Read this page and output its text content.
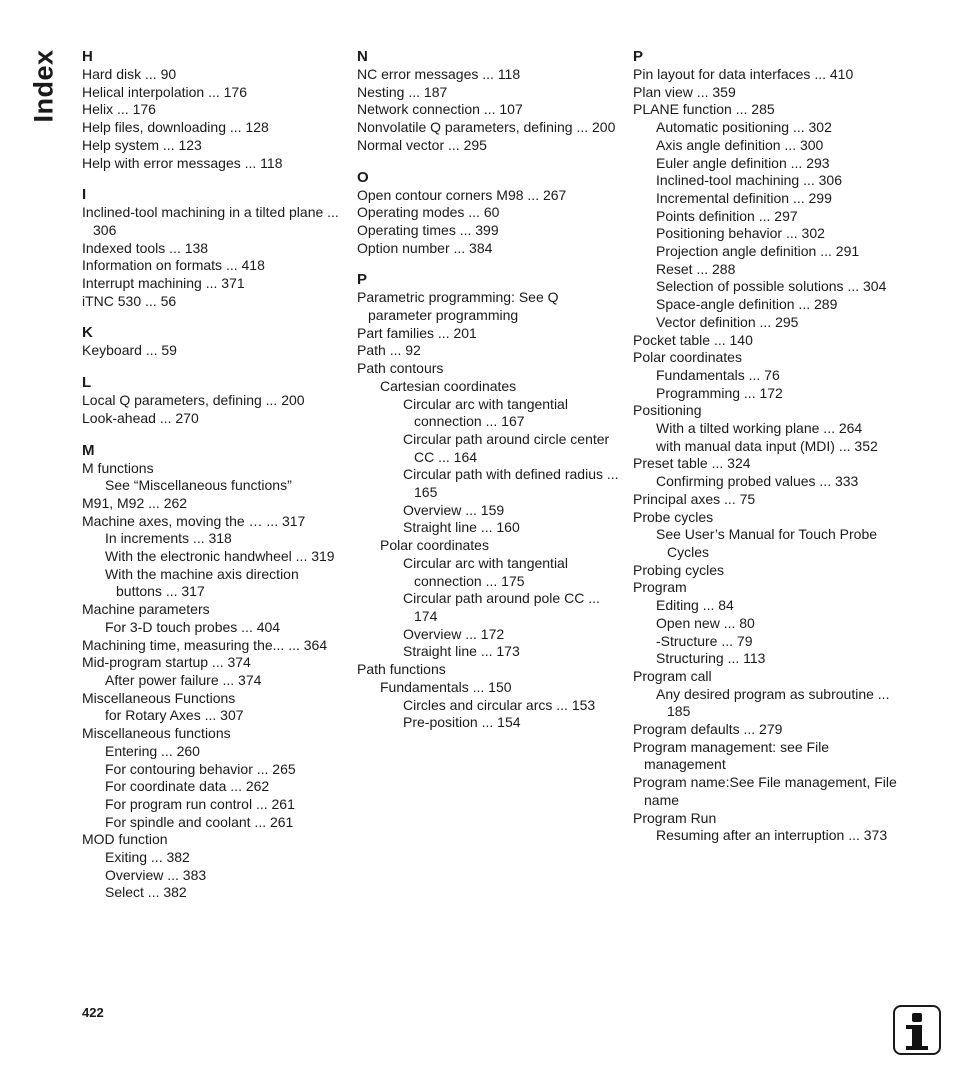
Index H
Hard disk ... 90
Helical interpolation ... 176
Helix ... 176
Help files, downloading ... 128
Help system ... 123
Help with error messages ... 118
I
Inclined-tool machining in a tilted plane ... 306
Indexed tools ... 138
Information on formats ... 418
Interrupt machining ... 371
iTNC 530 ... 56
K
Keyboard ... 59
L
Local Q parameters, defining ... 200
Look-ahead ... 270
M
M functions
See “Miscellaneous functions”
M91, M92 ... 262
Machine axes, moving the … ... 317
In increments ... 318
With the electronic handwheel ... 319
With the machine axis direction buttons ... 317
Machine parameters
For 3-D touch probes ... 404
Machining time, measuring the... ... 364
Mid-program startup ... 374
After power failure ... 374
Miscellaneous Functions
for Rotary Axes ... 307
Miscellaneous functions
Entering ... 260
For contouring behavior ... 265
For coordinate data ... 262
For program run control ... 261
For spindle and coolant ... 261
MOD function
Exiting ... 382
Overview ... 383
Select ... 382
N
NC error messages ... 118
Nesting ... 187
Network connection ... 107
Nonvolatile Q parameters, defining ... 200
Normal vector ... 295
O
Open contour corners M98 ... 267
Operating modes ... 60
Operating times ... 399
Option number ... 384
P
Parametric programming: See Q parameter programming
Part families ... 201
Path ... 92
Path contours
Cartesian coordinates
Circular arc with tangential connection ... 167
Circular path around circle center CC ... 164
Circular path with defined radius ... 165
Overview ... 159
Straight line ... 160
Polar coordinates
Circular arc with tangential connection ... 175
Circular path around pole CC ... 174
Overview ... 172
Straight line ... 173
Path functions
Fundamentals ... 150
Circles and circular arcs ... 153
Pre-position ... 154
P
Pin layout for data interfaces ... 410
Plan view ... 359
PLANE function ... 285
Automatic positioning ... 302
Axis angle definition ... 300
Euler angle definition ... 293
Inclined-tool machining ... 306
Incremental definition ... 299
Points definition ... 297
Positioning behavior ... 302
Projection angle definition ... 291
Reset ... 288
Selection of possible solutions ... 304
Space-angle definition ... 289
Vector definition ... 295
Pocket table ... 140
Polar coordinates
Fundamentals ... 76
Programming ... 172
Positioning
With a tilted working plane ... 264
with manual data input (MDI) ... 352
Preset table ... 324
Confirming probed values ... 333
Principal axes ... 75
Probe cycles
See User’s Manual for Touch Probe Cycles
Probing cycles
Program
Editing ... 84
Open new ... 80
-Structure ... 79
Structuring ... 113
Program call
Any desired program as subroutine ... 185
Program defaults ... 279
Program management: see File management
Program name:See File management, File name
Program Run
Resuming after an interruption ... 373
422
